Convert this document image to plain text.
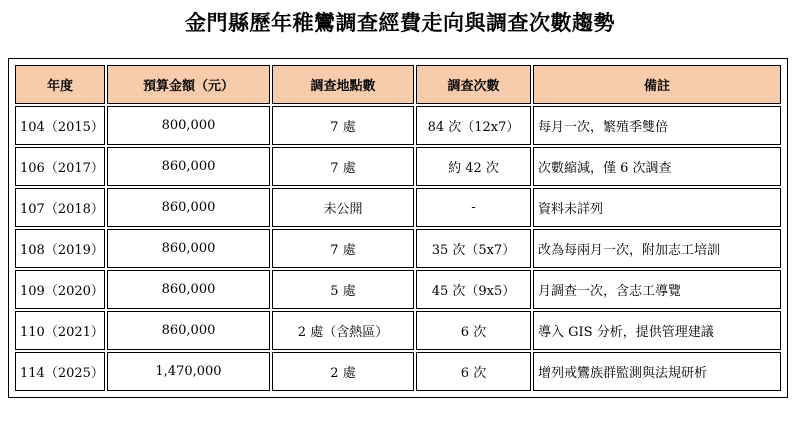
金門縣歷年稚鸞調查經費走向與調查次數趨勢
年度	預算金額（元）	調查地點數	調查次數	備註
104（2015）	800,000	7 處	84 次（12x7）	每月一次，繁殖季雙倍
106（2017）	860,000	7 處	約 42 次	次數縮減，僅 6 次調查
107（2018）	860,000	未公開	-	資料未詳列
108（2019）	860,000	7 處	35 次（5x7）	改為每兩月一次，附加志工培訓
109（2020）	860,000	5 處	45 次（9x5）	月調查一次，含志工導覽
110（2021）	860,000	2 處（含熱區）	6 次	導入 GIS 分析，提供管理建議
114（2025）	1,470,000	2 處	6 次	增列戒鸞族群監測與法規研析
